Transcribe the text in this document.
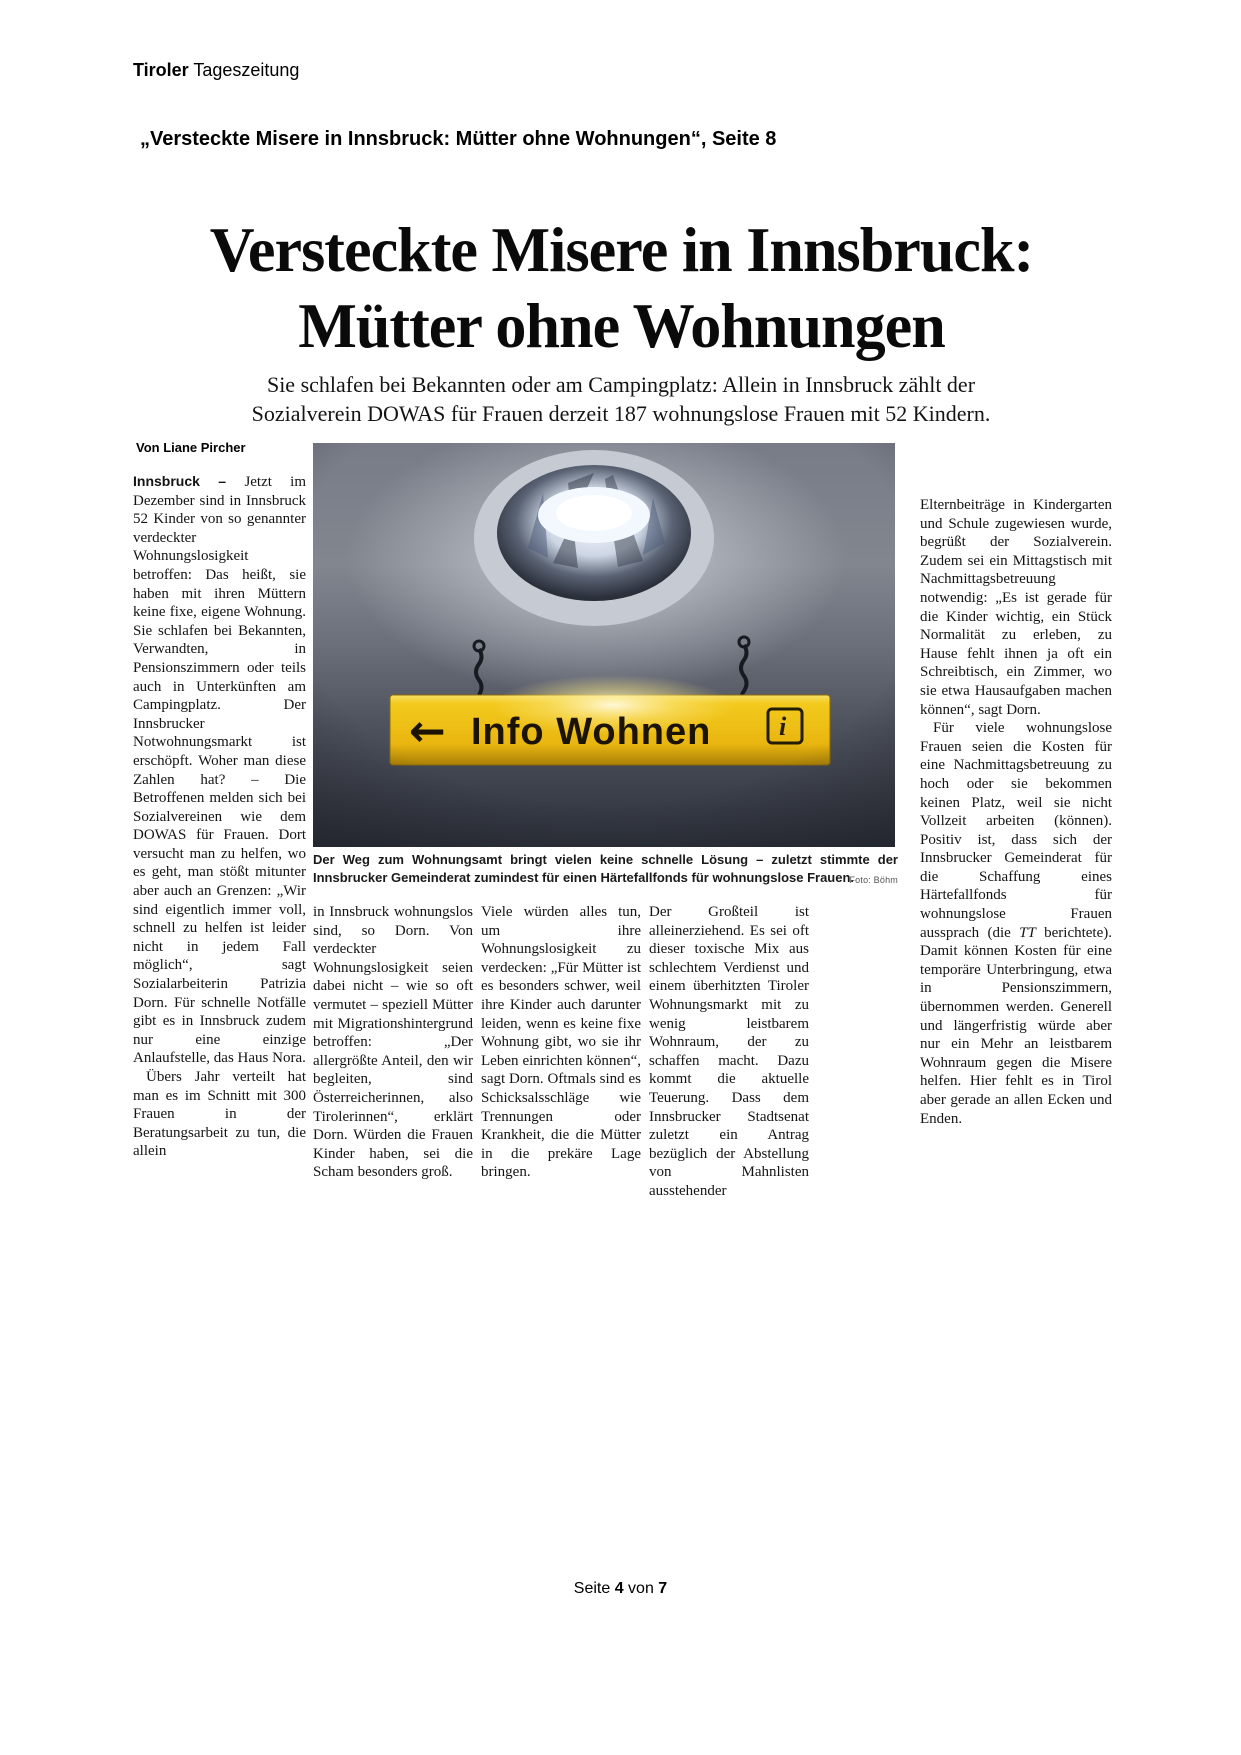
Tiroler Tageszeitung
„Versteckte Misere in Innsbruck: Mütter ohne Wohnungen“, Seite 8
Versteckte Misere in Innsbruck:
Mütter ohne Wohnungen
Sie schlafen bei Bekannten oder am Campingplatz: Allein in Innsbruck zählt der Sozialverein DOWAS für Frauen derzeit 187 wohnungslose Frauen mit 52 Kindern.
Von Liane Pircher

Innsbruck – Jetzt im Dezember sind in Innsbruck 52 Kinder von so genannter verdeckter Wohnungslosigkeit betroffen: Das heißt, sie haben mit ihren Müttern keine fixe, eigene Wohnung. Sie schlafen bei Bekannten, Verwandten, in Pensionszimmern oder teils auch in Unterkünften am Campingplatz. Der Innsbrucker Notwohnungsmarkt ist erschöpft. Woher man diese Zahlen hat? – Die Betroffenen melden sich bei Sozialvereinen wie dem DOWAS für Frauen. Dort versucht man zu helfen, wo es geht, man stößt mitunter aber auch an Grenzen: „Wir sind eigentlich immer voll, schnell zu helfen ist leider nicht in jedem Fall möglich“, sagt Sozialarbeiterin Patrizia Dorn. Für schnelle Notfälle gibt es in Innsbruck zudem nur eine einzige Anlaufstelle, das Haus Nora.

Übers Jahr verteilt hat man es im Schnitt mit 300 Frauen in der Beratungsarbeit zu tun, die allein

Der Weg zum Wohnungsamt bringt vielen keine schnelle Lösung – zuletzt stimmte der Innsbrucker Gemeinderat zumindest für einen Härtefallfonds für wohnungslose Frauen.
Foto: Böhm

in Innsbruck wohnungslos sind, so Dorn. Von verdeckter Wohnungslosigkeit seien dabei nicht – wie so oft vermutet – speziell Mütter mit Migrationshintergrund betroffen: „Der allergrößte Anteil, den wir begleiten, sind Österreicherinnen, also Tirolerinnen“, erklärt Dorn. Würden die Frauen Kinder haben, sei die Scham besonders groß.

Viele würden alles tun, um ihre Wohnungslosigkeit zu verdecken: „Für Mütter ist es besonders schwer, weil ihre Kinder auch darunter leiden, wenn es keine fixe Wohnung gibt, wo sie ihr Leben einrichten können“, sagt Dorn. Oftmals sind es Schicksalsschläge wie Trennungen oder Krankheit, die die Mütter in die prekäre Lage bringen.

Der Großteil ist alleinerziehend. Es sei oft dieser toxische Mix aus schlechtem Verdienst und einem überhitzten Tiroler Wohnungsmarkt mit zu wenig leistbarem Wohnraum, der zu schaffen macht. Dazu kommt die aktuelle Teuerung. Dass dem Innsbrucker Stadtsenat zuletzt ein Antrag bezüglich der Abstellung von Mahnlisten ausstehender

Elternbeiträge in Kindergarten und Schule zugewiesen wurde, begrüßt der Sozialverein. Zudem sei ein Mittagstisch mit Nachmittagsbetreuung notwendig: „Es ist gerade für die Kinder wichtig, ein Stück Normalität zu erleben, zu Hause fehlt ihnen ja oft ein Schreibtisch, ein Zimmer, wo sie etwa Hausaufgaben machen können“, sagt Dorn.

Für viele wohnungslose Frauen seien die Kosten für eine Nachmittagsbetreuung zu hoch oder sie bekommen keinen Platz, weil sie nicht Vollzeit arbeiten (können). Positiv ist, dass sich der Innsbrucker Gemeinderat für die Schaffung eines Härtefallfonds für wohnungslose Frauen aussprach (die TT berichtete). Damit können Kosten für eine temporäre Unterbringung, etwa in Pensionszimmern, übernommen werden. Generell und längerfristig würde aber nur ein Mehr an leistbarem Wohnraum gegen die Misere helfen. Hier fehlt es in Tirol aber gerade an allen Ecken und Enden.

Seite 4 von 7
